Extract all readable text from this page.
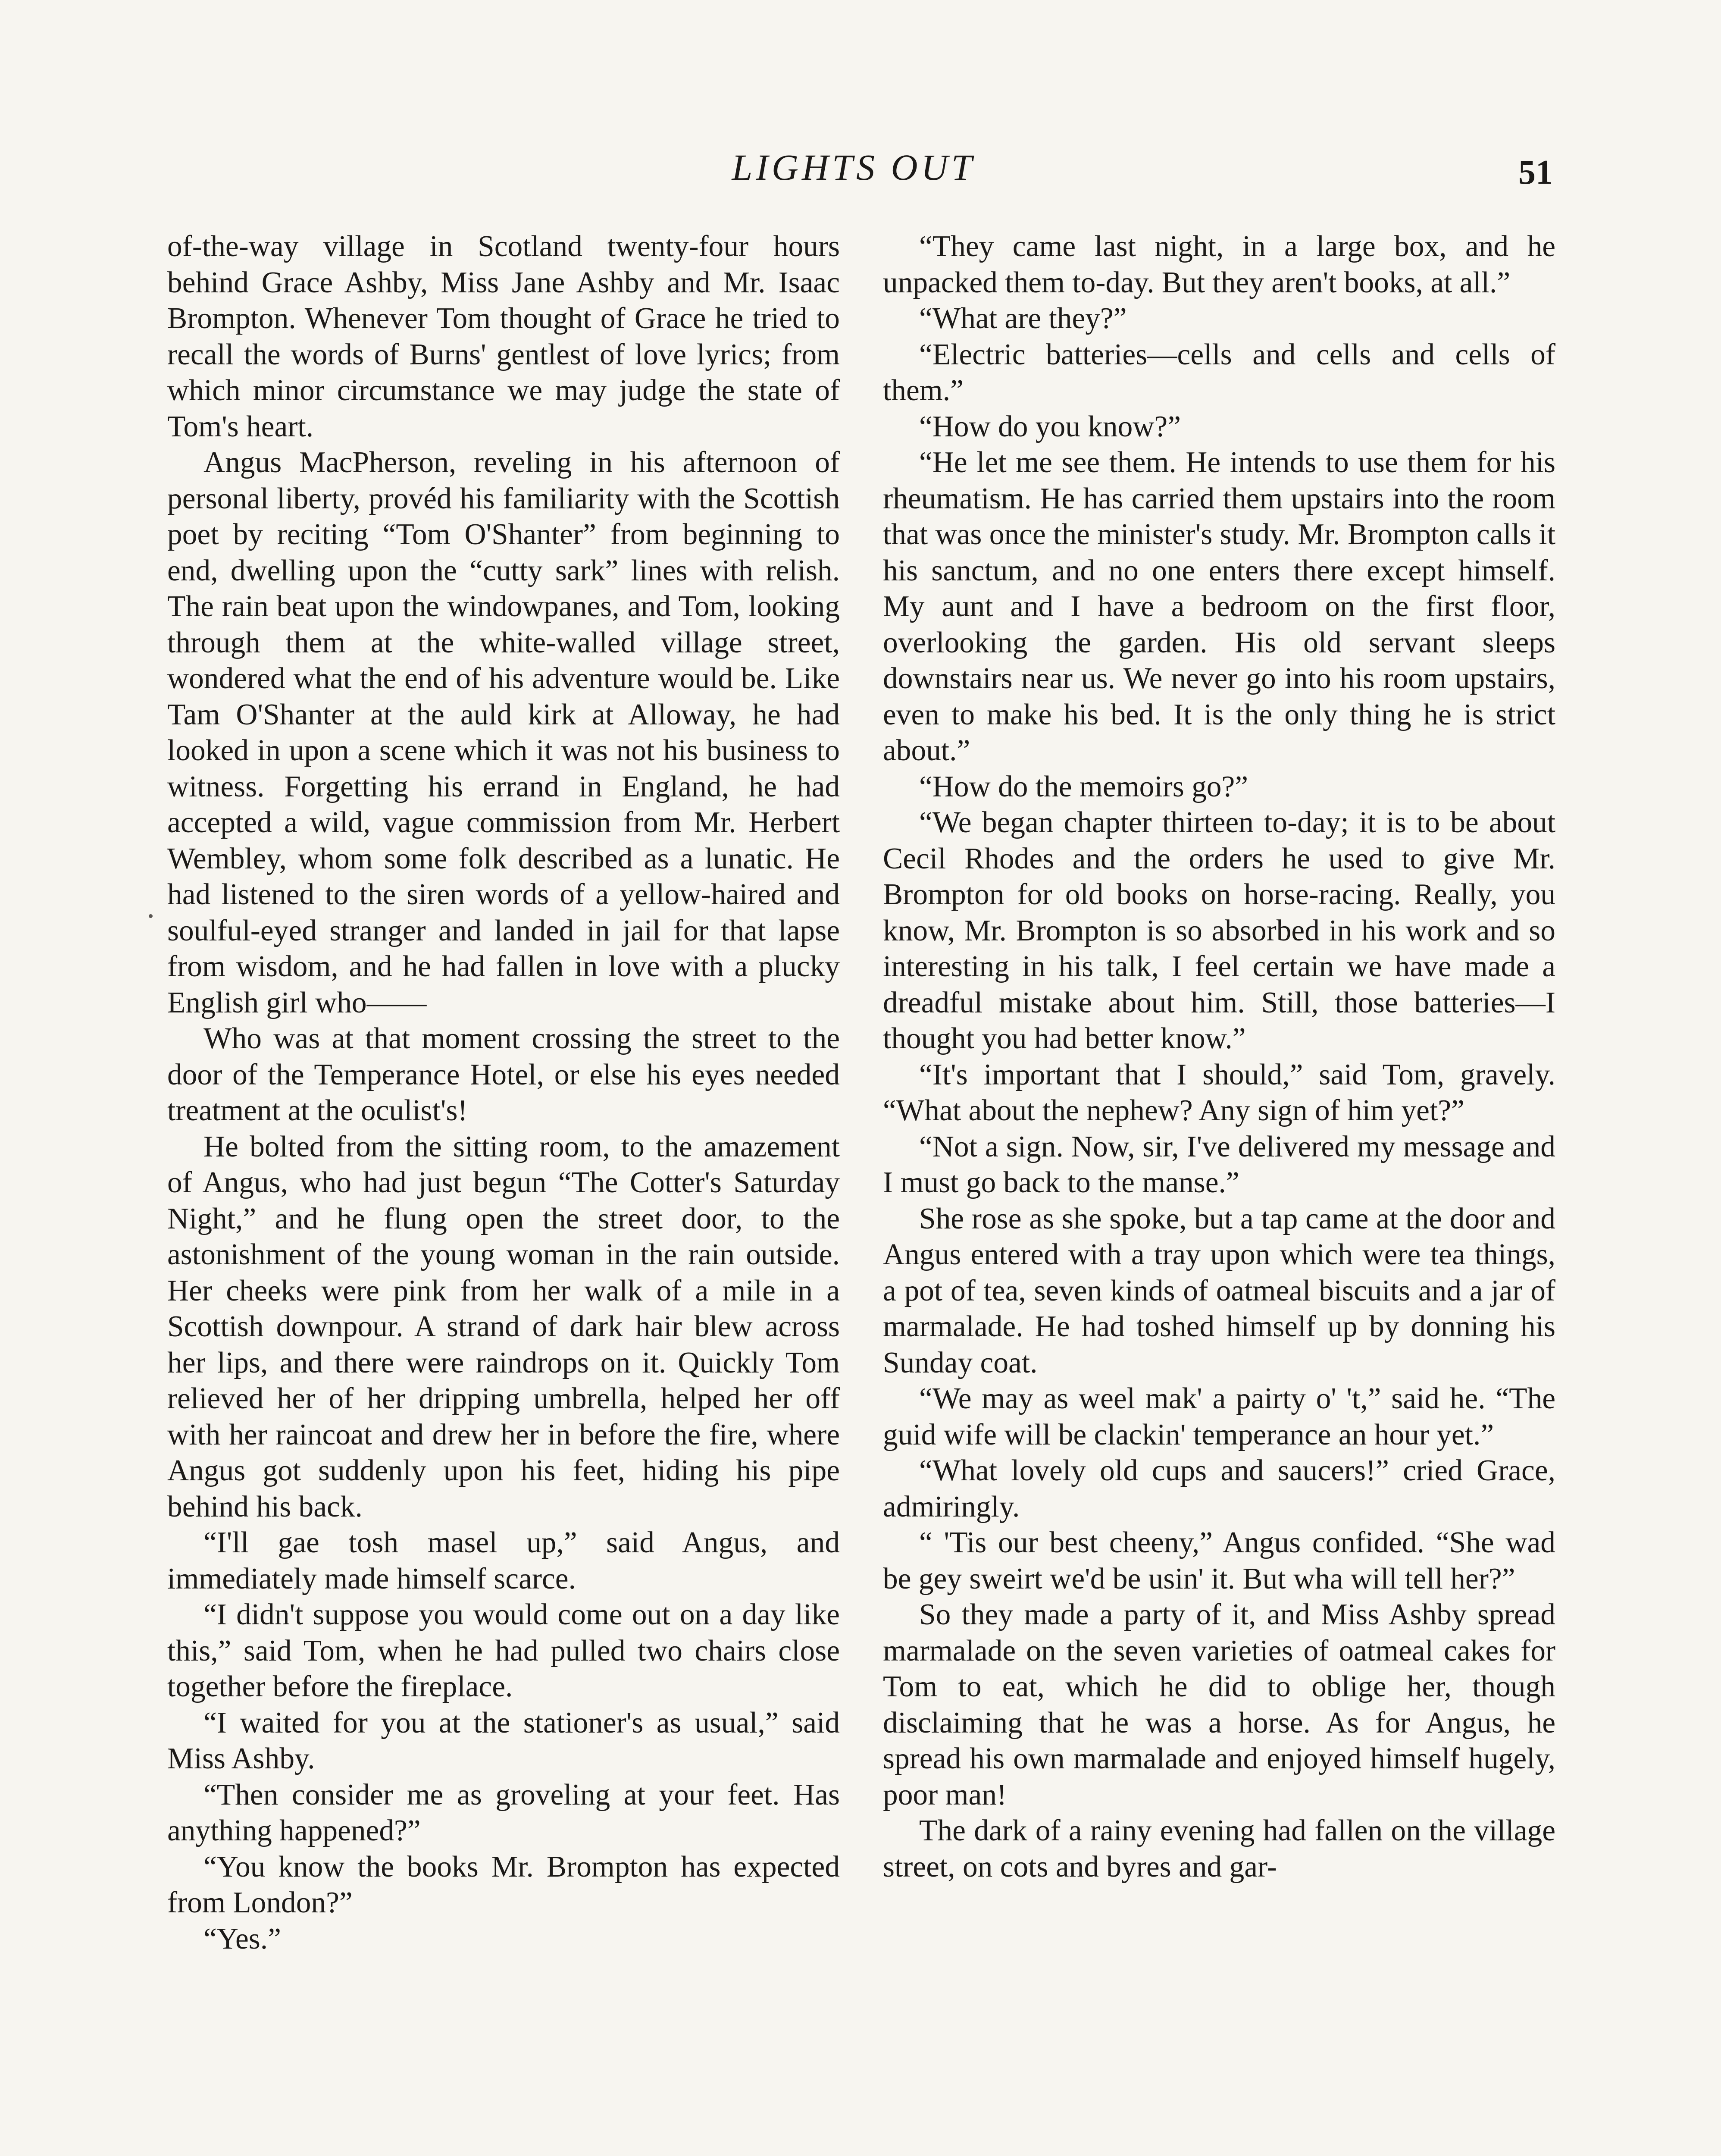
LIGHTS OUT	51

of-the-way village in Scotland twenty-four hours behind Grace Ashby, Miss Jane Ashby and Mr. Isaac Brompton. Whenever Tom thought of Grace he tried to recall the words of Burns' gentlest of love lyrics; from which minor circumstance we may judge the state of Tom's heart.

Angus MacPherson, reveling in his afternoon of personal liberty, provéd his familiarity with the Scottish poet by reciting “Tom O'Shanter” from beginning to end, dwelling upon the “cutty sark” lines with relish. The rain beat upon the windowpanes, and Tom, looking through them at the white-walled village street, wondered what the end of his adventure would be. Like Tam O'Shanter at the auld kirk at Alloway, he had looked in upon a scene which it was not his business to witness. Forgetting his errand in England, he had accepted a wild, vague commission from Mr. Herbert Wembley, whom some folk described as a lunatic. He had listened to the siren words of a yellow-haired and soulful-eyed stranger and landed in jail for that lapse from wisdom, and he had fallen in love with a plucky English girl who——

Who was at that moment crossing the street to the door of the Temperance Hotel, or else his eyes needed treatment at the oculist's!

He bolted from the sitting room, to the amazement of Angus, who had just begun “The Cotter's Saturday Night,” and he flung open the street door, to the astonishment of the young woman in the rain outside. Her cheeks were pink from her walk of a mile in a Scottish downpour. A strand of dark hair blew across her lips, and there were raindrops on it. Quickly Tom relieved her of her dripping umbrella, helped her off with her raincoat and drew her in before the fire, where Angus got suddenly upon his feet, hiding his pipe behind his back.

“I'll gae tosh masel up,” said Angus, and immediately made himself scarce.

“I didn't suppose you would come out on a day like this,” said Tom, when he had pulled two chairs close together before the fireplace.

“I waited for you at the stationer's as usual,” said Miss Ashby.

“Then consider me as groveling at your feet. Has anything happened?”

“You know the books Mr. Brompton has expected from London?”

“Yes.”

“They came last night, in a large box, and he unpacked them to-day. But they aren't books, at all.”

“What are they?”

“Electric batteries—cells and cells and cells of them.”

“How do you know?”

“He let me see them. He intends to use them for his rheumatism. He has carried them upstairs into the room that was once the minister's study. Mr. Brompton calls it his sanctum, and no one enters there except himself. My aunt and I have a bedroom on the first floor, overlooking the garden. His old servant sleeps downstairs near us. We never go into his room upstairs, even to make his bed. It is the only thing he is strict about.”

“How do the memoirs go?”

“We began chapter thirteen to-day; it is to be about Cecil Rhodes and the orders he used to give Mr. Brompton for old books on horse-racing. Really, you know, Mr. Brompton is so absorbed in his work and so interesting in his talk, I feel certain we have made a dreadful mistake about him. Still, those batteries—I thought you had better know.”

“It's important that I should,” said Tom, gravely. “What about the nephew? Any sign of him yet?”

“Not a sign. Now, sir, I've delivered my message and I must go back to the manse.”

She rose as she spoke, but a tap came at the door and Angus entered with a tray upon which were tea things, a pot of tea, seven kinds of oatmeal biscuits and a jar of marmalade. He had toshed himself up by donning his Sunday coat.

“We may as weel mak' a pairty o' 't,” said he. “The guid wife will be clackin' temperance an hour yet.”

“What lovely old cups and saucers!” cried Grace, admiringly.

“ 'Tis our best cheeny,” Angus confided. “She wad be gey sweirt we'd be usin' it. But wha will tell her?”

So they made a party of it, and Miss Ashby spread marmalade on the seven varieties of oatmeal cakes for Tom to eat, which he did to oblige her, though disclaiming that he was a horse. As for Angus, he spread his own marmalade and enjoyed himself hugely, poor man!

The dark of a rainy evening had fallen on the village street, on cots and byres and gar-
